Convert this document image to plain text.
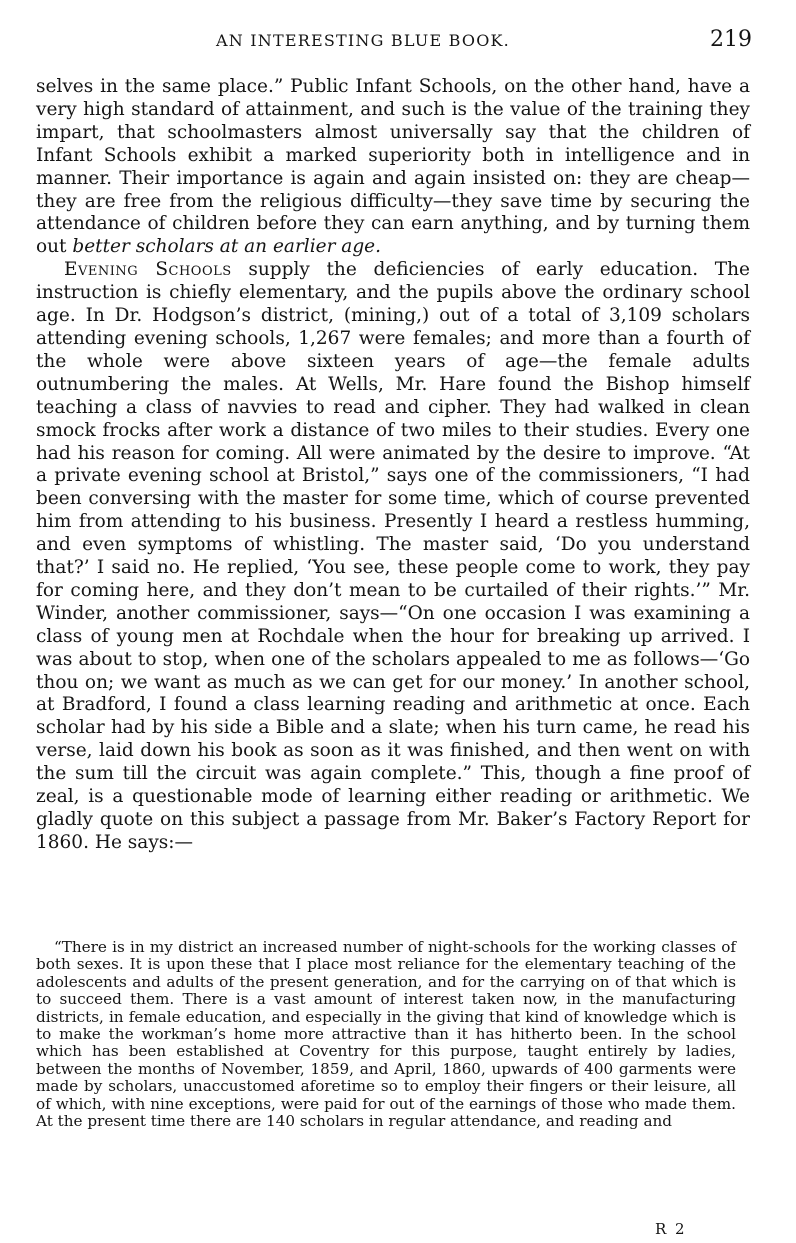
AN INTERESTING BLUE BOOK.	219

selves in the same place.” Public Infant Schools, on the other hand, have a very high standard of attainment, and such is the value of the training they impart, that schoolmasters almost universally say that the children of Infant Schools exhibit a marked superiority both in intelligence and in manner. Their importance is again and again insisted on: they are cheap—they are free from the religious difficulty—they save time by securing the attendance of children before they can earn anything, and by turning them out better scholars at an earlier age.

Evening Schools supply the deficiencies of early education. The instruction is chiefly elementary, and the pupils above the ordinary school age. In Dr. Hodgson’s district, (mining,) out of a total of 3,109 scholars attending evening schools, 1,267 were females; and more than a fourth of the whole were above sixteen years of age—the female adults outnumbering the males. At Wells, Mr. Hare found the Bishop himself teaching a class of navvies to read and cipher. They had walked in clean smock frocks after work a distance of two miles to their studies. Every one had his reason for coming. All were animated by the desire to improve. “At a private evening school at Bristol,” says one of the commissioners, “I had been conversing with the master for some time, which of course prevented him from attending to his business. Presently I heard a restless humming, and even symptoms of whistling. The master said, ‘Do you understand that?’ I said no. He replied, ‘You see, these people come to work, they pay for coming here, and they don’t mean to be curtailed of their rights.’” Mr. Winder, another commissioner, says—“On one occasion I was examining a class of young men at Rochdale when the hour for breaking up arrived. I was about to stop, when one of the scholars appealed to me as follows—‘Go thou on; we want as much as we can get for our money.’ In another school, at Bradford, I found a class learning reading and arithmetic at once. Each scholar had by his side a Bible and a slate; when his turn came, he read his verse, laid down his book as soon as it was finished, and then went on with the sum till the circuit was again complete.” This, though a fine proof of zeal, is a questionable mode of learning either reading or arithmetic. We gladly quote on this subject a passage from Mr. Baker’s Factory Report for 1860. He says:—

“There is in my district an increased number of night-schools for the working classes of both sexes. It is upon these that I place most reliance for the elementary teaching of the adolescents and adults of the present generation, and for the carrying on of that which is to succeed them. There is a vast amount of interest taken now, in the manufacturing districts, in female education, and especially in the giving that kind of knowledge which is to make the workman’s home more attractive than it has hitherto been. In the school which has been established at Coventry for this purpose, taught entirely by ladies, between the months of November, 1859, and April, 1860, upwards of 400 garments were made by scholars, unaccustomed aforetime so to employ their fingers or their leisure, all of which, with nine exceptions, were paid for out of the earnings of those who made them. At the present time there are 140 scholars in regular attendance, and reading and
R 2
